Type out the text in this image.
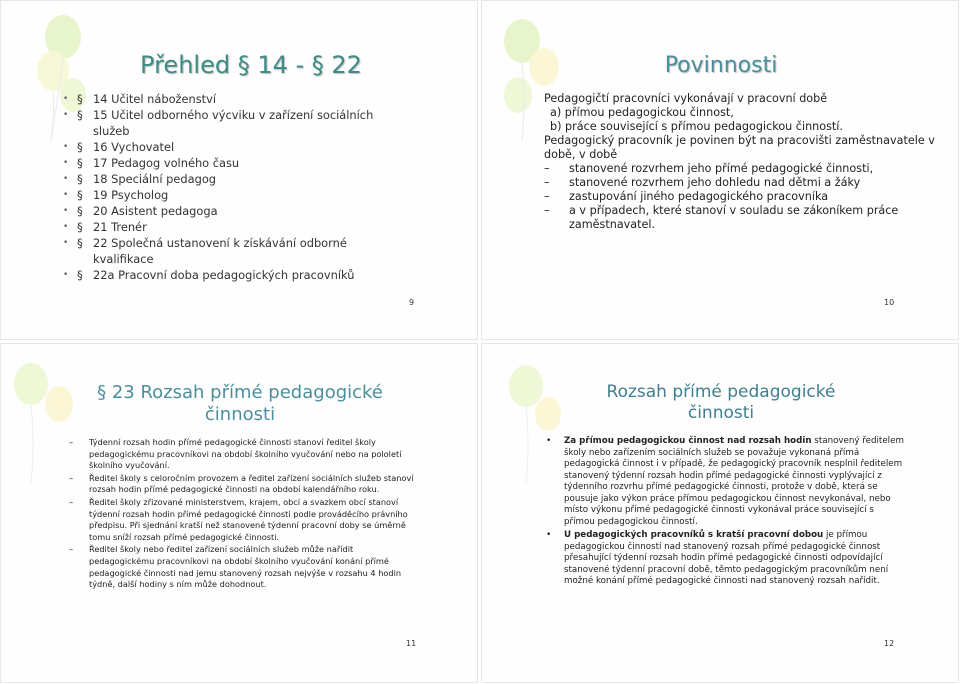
Přehled § 14 - § 22
• § 14 Učitel náboženství
• § 15 Učitel odborného výcviku v zařízení sociálních služeb
• § 16 Vychovatel
• § 17 Pedagog volného času
• § 18 Speciální pedagog
• § 19 Psycholog
• § 20 Asistent pedagoga
• § 21 Trenér
• § 22 Společná ustanovení k získávání odborné kvalifikace
• § 22a Pracovní doba pedagogických pracovníků
9
Povinnosti

Pedagogičtí pracovníci vykonávají v pracovní době

a) přímou pedagogickou činnost,

b) práce související s přímou pedagogickou činností.

Pedagogický pracovník je povinen být na pracovišti zaměstnavatele v době, v době

– stanovené rozvrhem jeho přímé pedagogické činnosti,
– stanovené rozvrhem jeho dohledu nad dětmi a žáky
– zastupování jiného pedagogického pracovníka
– a v případech, které stanoví v souladu se zákoníkem práce zaměstnavatel.
10
§ 23 Rozsah přímé pedagogické
činnosti
– Týdenní rozsah hodin přímé pedagogické činnosti stanoví ředitel školy pedagogickému pracovníkovi na období školního vyučování nebo na pololetí školního vyučování.
– Ředitel školy s celoročním provozem a ředitel zařízení sociálních služeb stanoví rozsah hodin přímé pedagogické činnosti na období kalendářního roku.
– Ředitel školy zřizované ministerstvem, krajem, obcí a svazkem obcí stanoví týdenní rozsah hodin přímé pedagogické činnosti podle prováděcího právního předpisu. Při sjednání kratší než stanovené týdenní pracovní doby se úměrně tomu sníží rozsah přímé pedagogické činnosti.
– Ředitel školy nebo ředitel zařízení sociálních služeb může nařídit pedagogickému pracovníkovi na období školního vyučování konání přímé pedagogické činnosti nad jemu stanovený rozsah nejvýše v rozsahu 4 hodin týdně, další hodiny s ním může dohodnout.
11
Rozsah přímé pedagogické
činnosti
• Za přímou pedagogickou činnost nad rozsah hodin stanovený ředitelem školy nebo zařízením sociálních služeb se považuje vykonaná přímá pedagogická činnost i v případě, že pedagogický pracovník nesplnil ředitelem stanovený týdenní rozsah hodin přímé pedagogické činnosti vyplývající z týdenního rozvrhu přímé pedagogické činnosti, protože v době, která se pousuje jako výkon práce přímou pedagogickou činnost nevykonával, nebo místo výkonu přímé pedagogické činnosti vykonával práce související s přímou pedagogickou činností.
• U pedagogických pracovníků s kratší pracovní dobou je přímou pedagogickou činností nad stanovený rozsah přímé pedagogické činnost přesahující týdenní rozsah hodin přímé pedagogické činnosti odpovídající stanovené týdenní pracovní době, těmto pedagogickým pracovníkům není možné konání přímé pedagogické činnosti nad stanovený rozsah nařídit.
12
